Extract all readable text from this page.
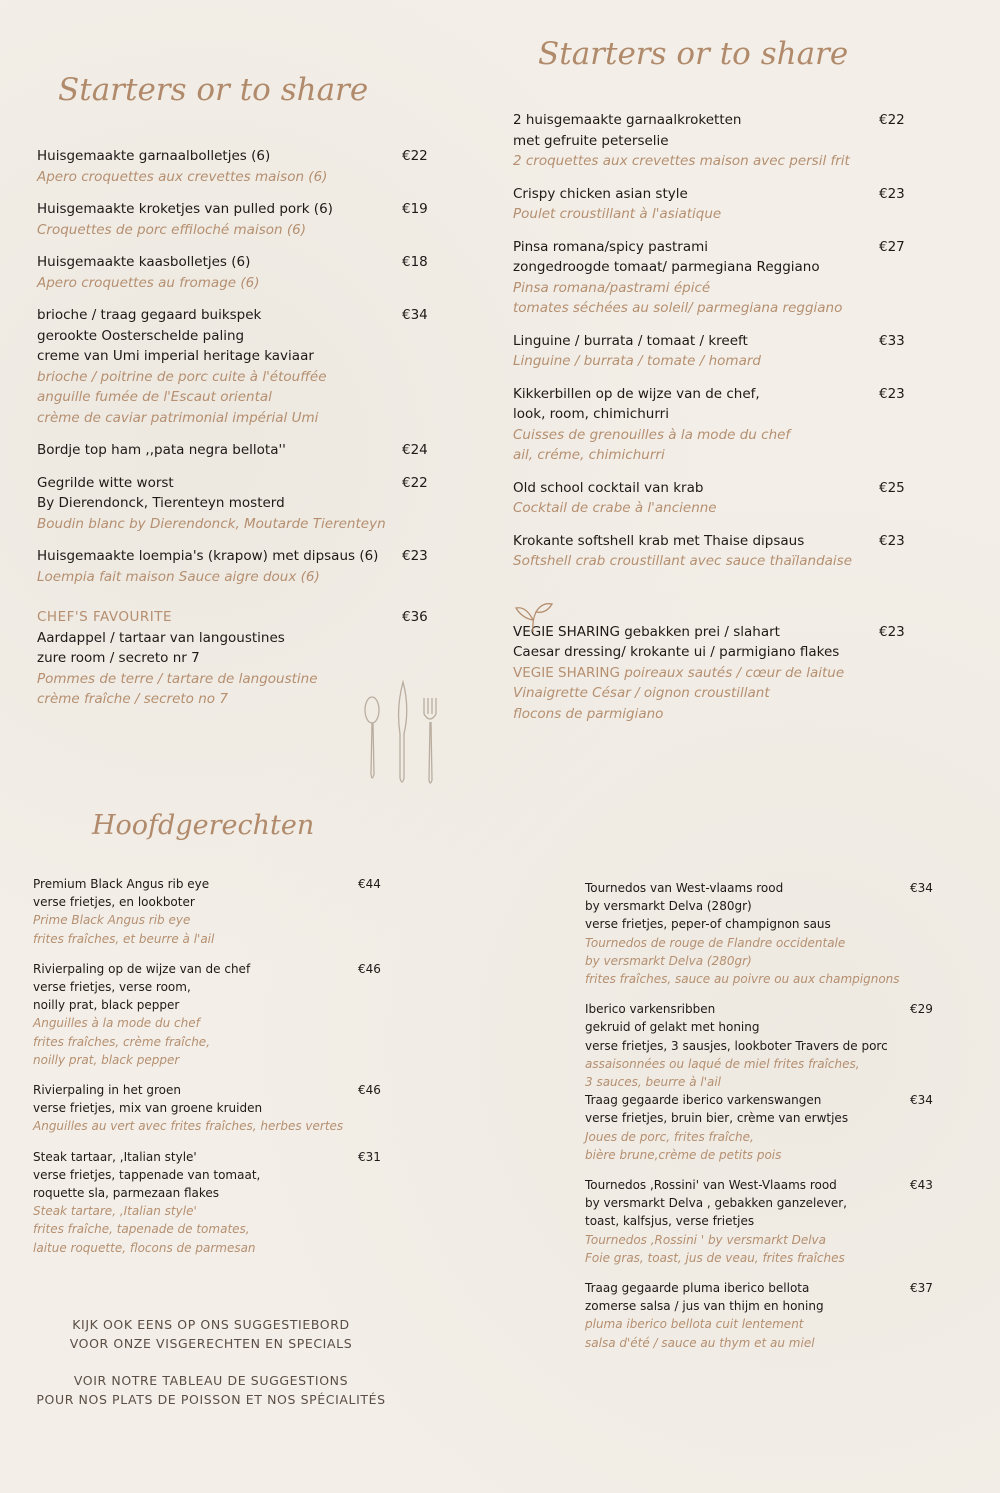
Starters or to share
Starters or to share
Hoofdgerechten
Huisgemaakte garnaalbolletjes (6)
Apero croquettes aux crevettes maison (6)
€22
Huisgemaakte kroketjes van pulled pork (6)
Croquettes de porc effiloché maison (6)
€19
Huisgemaakte kaasbolletjes (6)
Apero croquettes au fromage (6)
€18
brioche / traag gegaard buikspek
gerookte Oosterschelde paling
creme van Umi imperial heritage kaviaar
brioche / poitrine de porc cuite à l'étouffée
anguille fumée de l'Escaut oriental
crème de caviar patrimonial impérial Umi
€34
Bordje top ham ,,pata negra bellota''	€24
Gegrilde witte worst
By Dierendonck, Tierenteyn mosterd
Boudin blanc by Dierendonck, Moutarde Tierenteyn
€22
Huisgemaakte loempia's (krapow) met dipsaus (6)
Loempia fait maison Sauce aigre doux (6)
€23
CHEF'S FAVOURITE
Aardappel / tartaar van langoustines
zure room / secreto nr 7
Pommes de terre / tartare de langoustine
crème fraîche / secreto no 7
€36
2 huisgemaakte garnaalkroketten
met gefruite peterselie
2 croquettes aux crevettes maison avec persil frit
€22
Crispy chicken asian style
Poulet croustillant à l'asiatique
€23
Pinsa romana/spicy pastrami
zongedroogde tomaat/ parmegiana Reggiano
Pinsa romana/pastrami épicé
tomates séchées au soleil/ parmegiana reggiano
€27
Linguine / burrata / tomaat / kreeft
Linguine / burrata / tomate / homard
€33
Kikkerbillen op de wijze van de chef,
look, room, chimichurri
Cuisses de grenouilles à la mode du chef
ail, créme, chimichurri
€23
Old school cocktail van krab
Cocktail de crabe à l'ancienne
€25
Krokante softshell krab met Thaise dipsaus
Softshell crab croustillant avec sauce thaïlandaise
€23
VEGIE SHARING gebakken prei / slahart
Caesar dressing/ krokante ui / parmigiano flakes
VEGIE SHARING poireaux sautés / cœur de laitue
Vinaigrette César / oignon croustillant
flocons de parmigiano
€23
Premium Black Angus rib eye
verse frietjes, en lookboter
Prime Black Angus rib eye
frites fraîches, et beurre à l'ail
€44
Rivierpaling op de wijze van de chef
verse frietjes, verse room,
noilly prat, black pepper
Anguilles à la mode du chef
frites fraîches, crème fraîche,
noilly prat, black pepper
€46
Rivierpaling in het groen
verse frietjes, mix van groene kruiden
Anguilles au vert avec frites fraîches, herbes vertes
€46
Steak tartaar, ,Italian style'
verse frietjes, tappenade van tomaat,
roquette sla, parmezaan flakes
Steak tartare, ,Italian style'
frites fraîche, tapenade de tomates,
laitue roquette, flocons de parmesan
€31
Tournedos van West-vlaams rood
by versmarkt Delva (280gr)
verse frietjes, peper-of champignon saus
Tournedos de rouge de Flandre occidentale
by versmarkt Delva (280gr)
frites fraîches, sauce au poivre ou aux champignons
€34
Iberico varkensribben
gekruid of gelakt met honing
verse frietjes, 3 sausjes, lookboter Travers de porc
assaisonnées ou laqué de miel frites fraîches,
3 sauces, beurre à l'ail
€29
Traag gegaarde iberico varkenswangen
verse frietjes, bruin bier, crème van erwtjes
Joues de porc, frites fraîche,
bière brune,crème de petits pois
€34
Tournedos ,Rossini' van West-Vlaams rood
by versmarkt Delva , gebakken ganzelever,
toast, kalfsjus, verse frietjes
Tournedos ,Rossini ' by versmarkt Delva
Foie gras, toast, jus de veau, frites fraîches
€43
Traag gegaarde pluma iberico bellota
zomerse salsa / jus van thijm en honing
pluma iberico bellota cuit lentement
salsa d'été / sauce au thym et au miel
€37
KIJK OOK EENS OP ONS SUGGESTIEBORD
VOOR ONZE VISGERECHTEN EN SPECIALS
VOIR NOTRE TABLEAU DE SUGGESTIONS
POUR NOS PLATS DE POISSON ET NOS SPÉCIALITÉS
